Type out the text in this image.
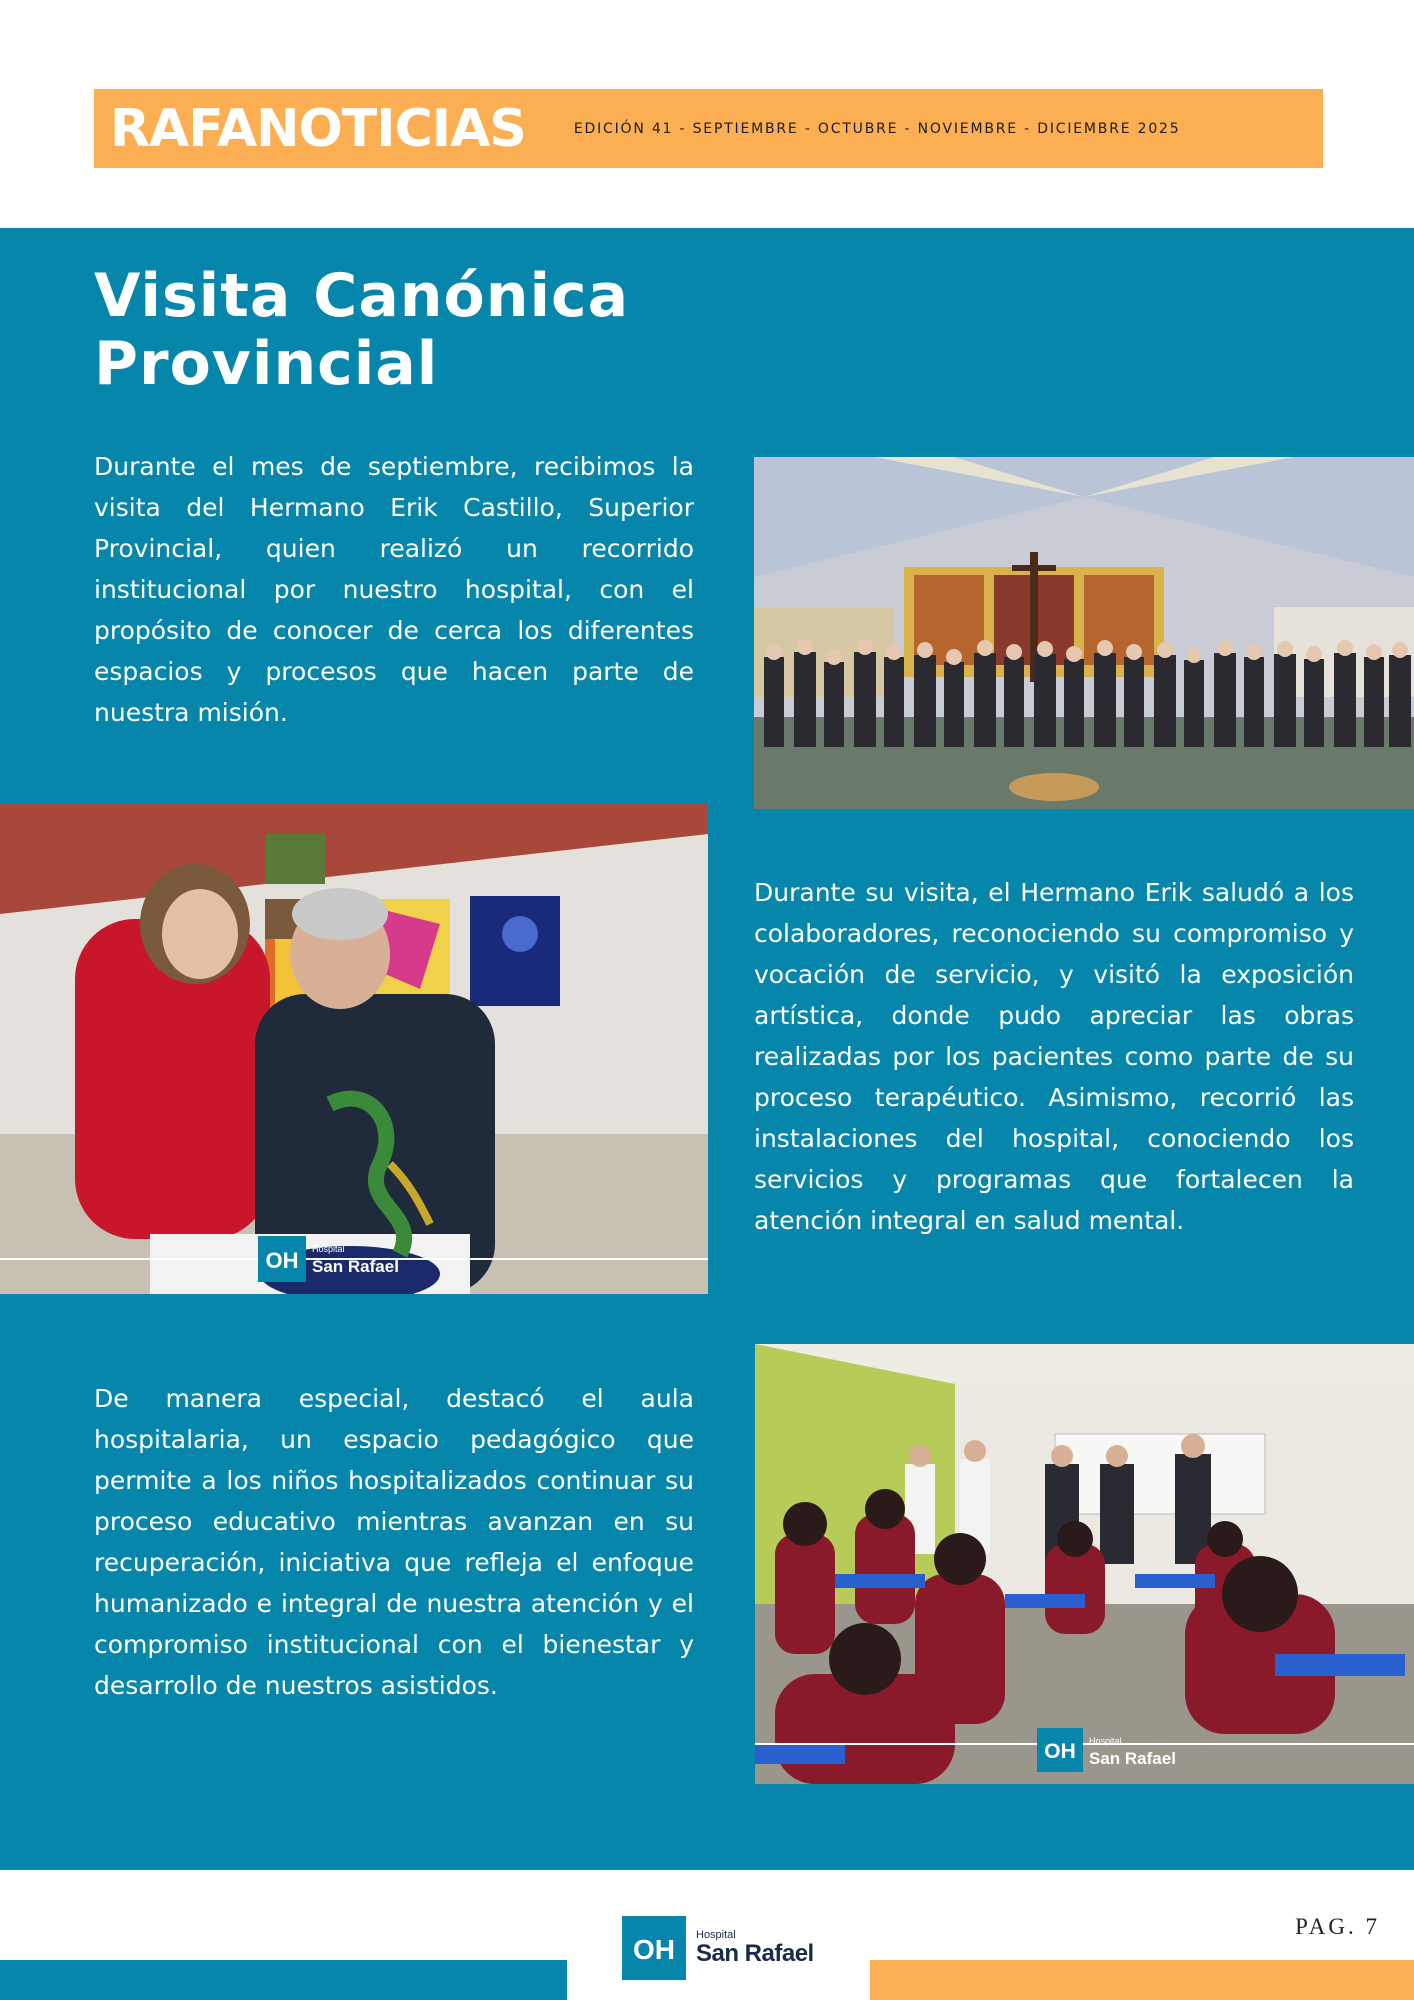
RAFANOTICIAS	EDICIÓN 41 - SEPTIEMBRE - OCTUBRE - NOVIEMBRE - DICIEMBRE 2025
Visita Canónica Provincial

Durante el mes de septiembre, recibimos la visita del Hermano Erik Castillo, Superior Provincial, quien realizó un recorrido institucional por nuestro hospital, con el propósito de conocer de cerca los diferentes espacios y procesos que hacen parte de nuestra misión.

OH Hospital
San Rafael

Durante su visita, el Hermano Erik saludó a los colaboradores, reconociendo su compromiso y vocación de servicio, y visitó la exposición artística, donde pudo apreciar las obras realizadas por los pacientes como parte de su proceso terapéutico. Asimismo, recorrió las instalaciones del hospital, conociendo los servicios y programas que fortalecen la atención integral en salud mental.

De manera especial, destacó el aula hospitalaria, un espacio pedagógico que permite a los niños hospitalizados continuar su proceso educativo mientras avanzan en su recuperación, iniciativa que refleja el enfoque humanizado e integral de nuestra atención y el compromiso institucional con el bienestar y desarrollo de nuestros asistidos.

OH Hospital
San Rafael
OH Hospital
San Rafael
PAG. 7
